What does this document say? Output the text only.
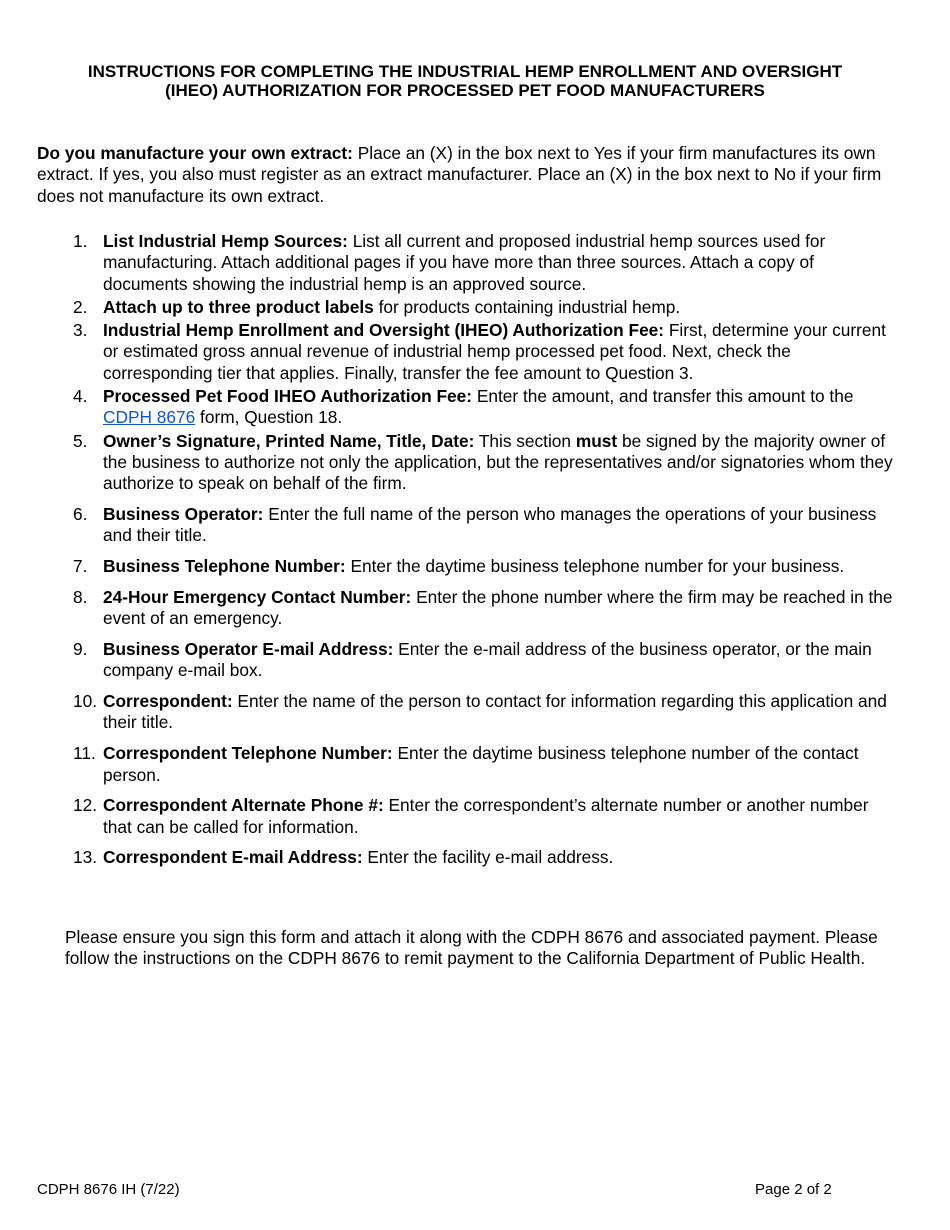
INSTRUCTIONS FOR COMPLETING THE INDUSTRIAL HEMP ENROLLMENT AND OVERSIGHT
(IHEO) AUTHORIZATION FOR PROCESSED PET FOOD MANUFACTURERS

Do you manufacture your own extract: Place an (X) in the box next to Yes if your firm manufactures its own extract. If yes, you also must register as an extract manufacturer. Place an (X) in the box next to No if your firm does not manufacture its own extract.

1. List Industrial Hemp Sources: List all current and proposed industrial hemp sources used for manufacturing. Attach additional pages if you have more than three sources. Attach a copy of documents showing the industrial hemp is an approved source.
2. Attach up to three product labels for products containing industrial hemp.
3. Industrial Hemp Enrollment and Oversight (IHEO) Authorization Fee: First, determine your current or estimated gross annual revenue of industrial hemp processed pet food. Next, check the corresponding tier that applies. Finally, transfer the fee amount to Question 3.
4. Processed Pet Food IHEO Authorization Fee: Enter the amount, and transfer this amount to the CDPH 8676 form, Question 18.
5. Owner’s Signature, Printed Name, Title, Date: This section must be signed by the majority owner of the business to authorize not only the application, but the representatives and/or signatories whom they authorize to speak on behalf of the firm.
6. Business Operator: Enter the full name of the person who manages the operations of your business and their title.
7. Business Telephone Number: Enter the daytime business telephone number for your business.
8. 24-Hour Emergency Contact Number: Enter the phone number where the firm may be reached in the event of an emergency.
9. Business Operator E-mail Address: Enter the e-mail address of the business operator, or the main company e-mail box.
10. Correspondent: Enter the name of the person to contact for information regarding this application and their title.
11. Correspondent Telephone Number: Enter the daytime business telephone number of the contact person.
12. Correspondent Alternate Phone #: Enter the correspondent’s alternate number or another number that can be called for information.
13. Correspondent E-mail Address: Enter the facility e-mail address.

Please ensure you sign this form and attach it along with the CDPH 8676 and associated payment. Please follow the instructions on the CDPH 8676 to remit payment to the California Department of Public Health.

CDPH 8676 IH (7/22)	Page 2 of 2
